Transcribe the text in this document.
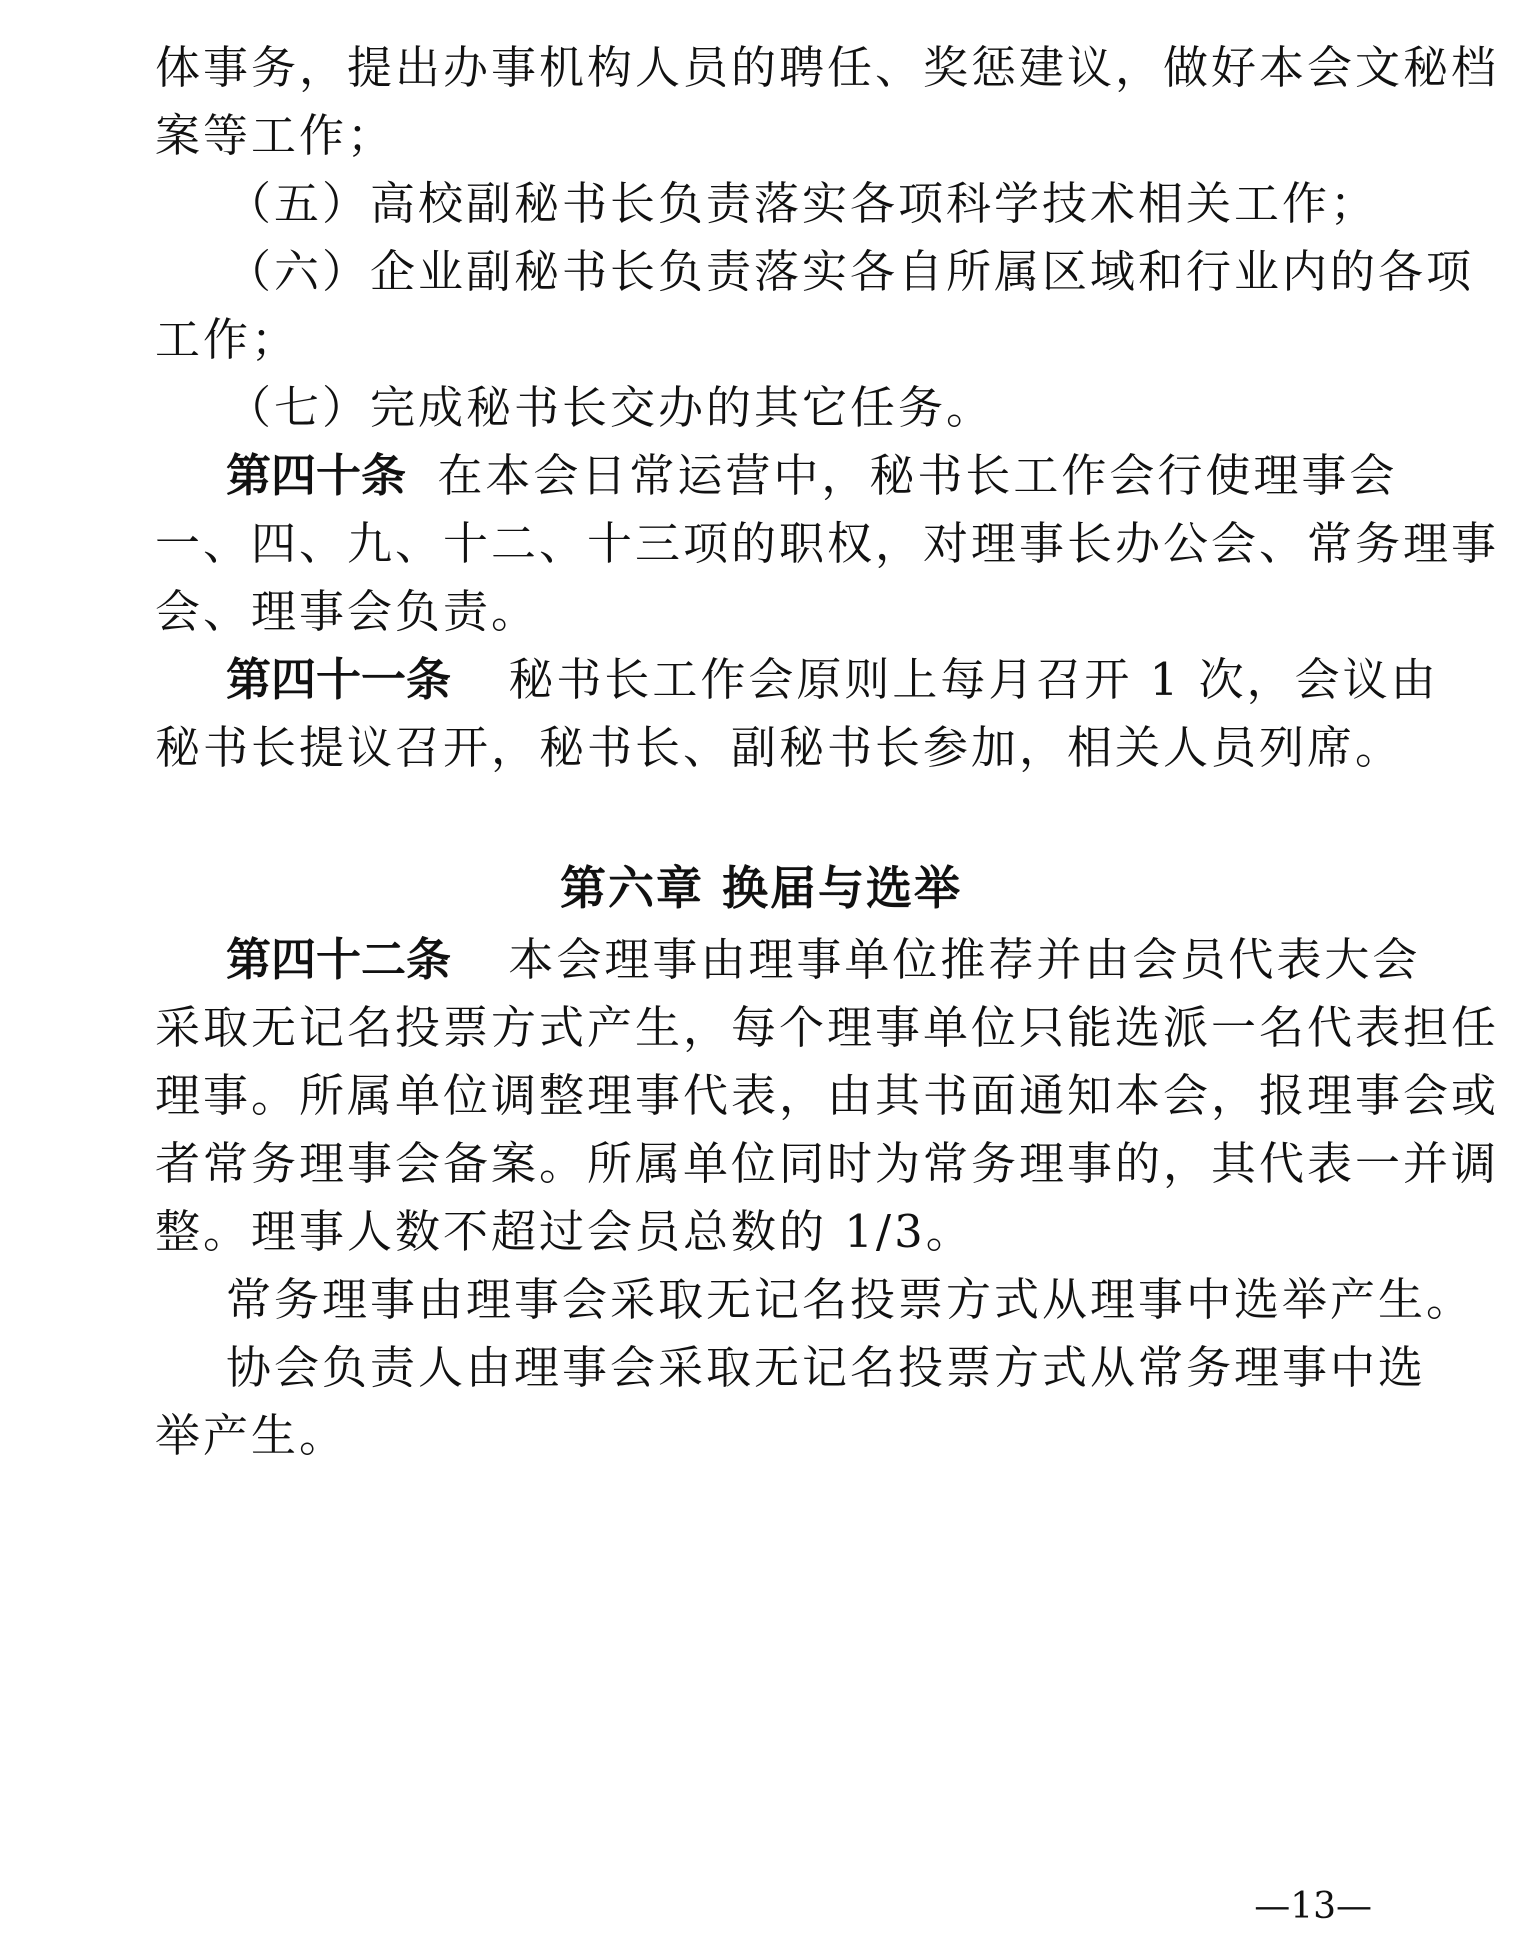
体事务，提出办事机构人员的聘任、奖惩建议，做好本会文秘档
案等工作；
（五）高校副秘书长负责落实各项科学技术相关工作；
（六）企业副秘书长负责落实各自所属区域和行业内的各项
工作；
（七）完成秘书长交办的其它任务。
第四十条 在本会日常运营中，秘书长工作会行使理事会
一、四、九、十二、十三项的职权，对理事长办公会、常务理事
会、理事会负责。
第四十一条 秘书长工作会原则上每月召开 1 次，会议由
秘书长提议召开，秘书长、副秘书长参加，相关人员列席。
第六章 换届与选举
第四十二条 本会理事由理事单位推荐并由会员代表大会
采取无记名投票方式产生，每个理事单位只能选派一名代表担任
理事。所属单位调整理事代表，由其书面通知本会，报理事会或
者常务理事会备案。所属单位同时为常务理事的，其代表一并调
整。理事人数不超过会员总数的 1/3。
常务理事由理事会采取无记名投票方式从理事中选举产生。
协会负责人由理事会采取无记名投票方式从常务理事中选
举产生。
—13—
